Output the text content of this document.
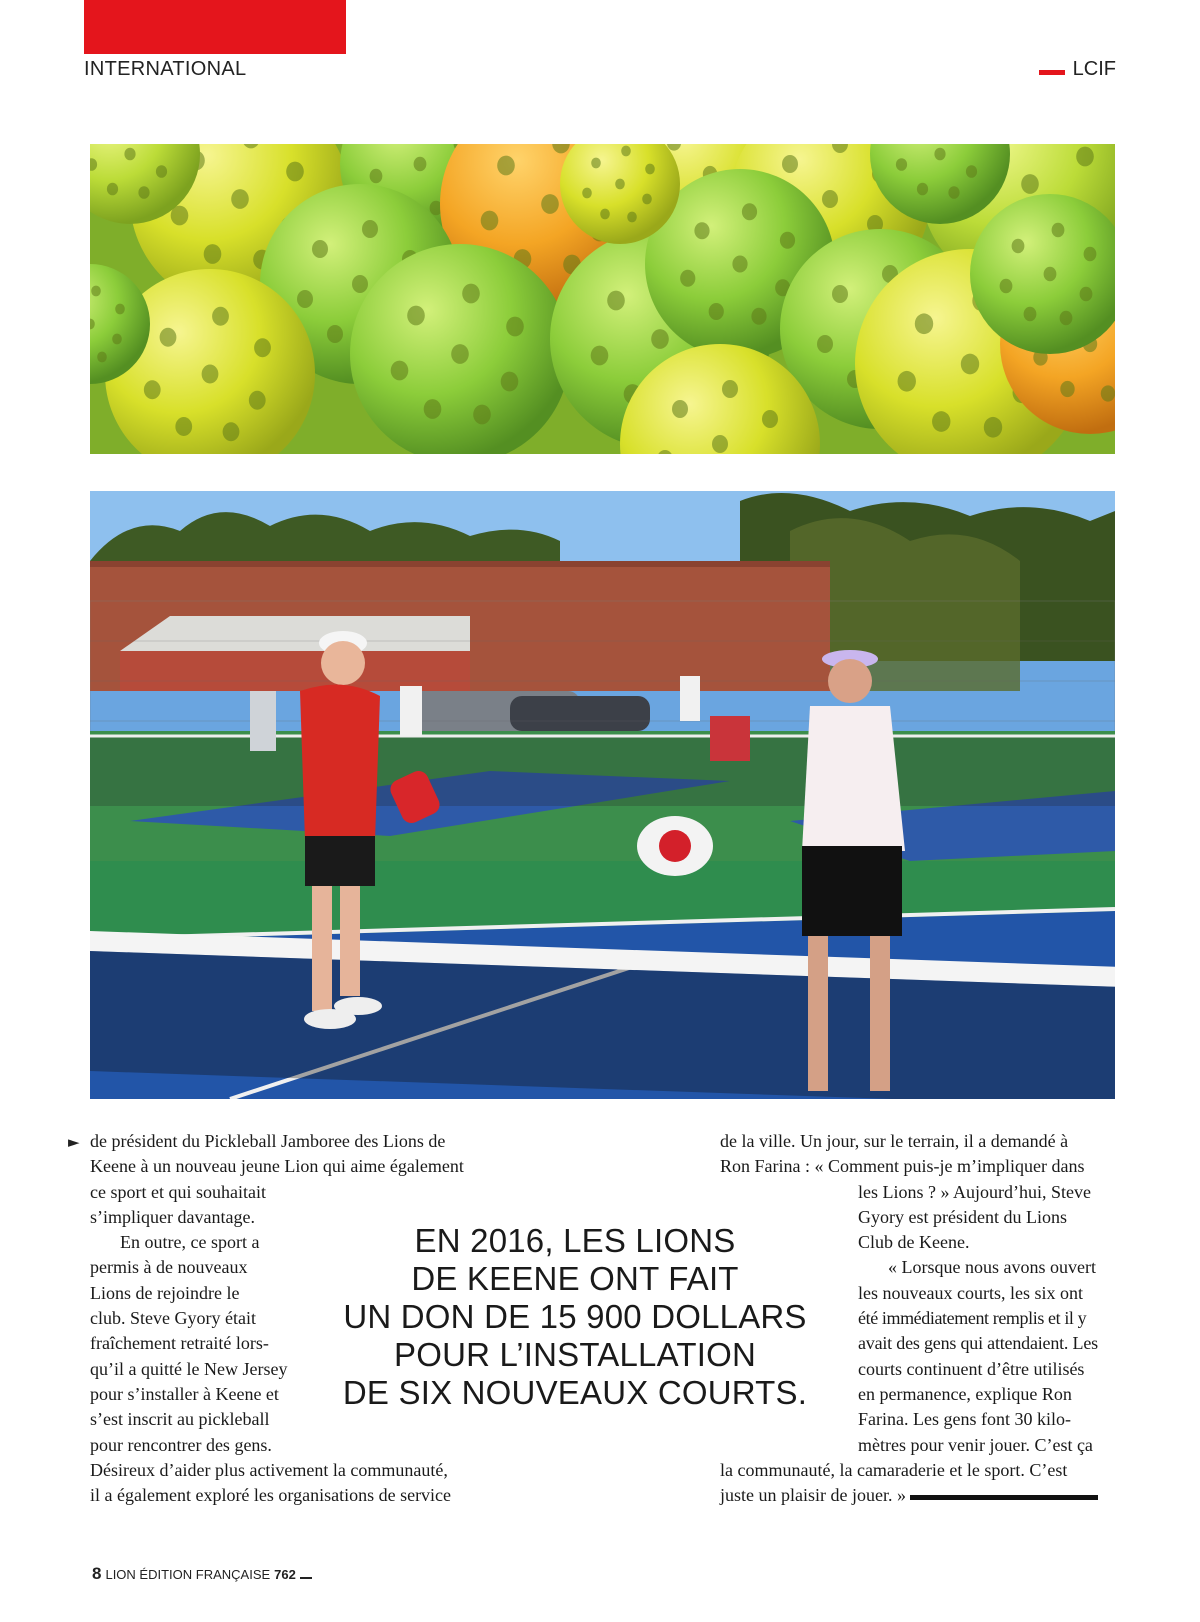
INTERNATIONAL	LCIF
► de président du Pickleball Jamboree des Lions de

Keene à un nouveau jeune Lion qui aime également

ce sport et qui souhaitait

s’impliquer davantage.

En outre, ce sport a

permis à de nouveaux

Lions de rejoindre le

club. Steve Gyory était

fraîchement retraité lors-

qu’il a quitté le New Jersey

pour s’installer à Keene et

s’est inscrit au pickleball

pour rencontrer des gens.

Désireux d’aider plus activement la communauté,

il a également exploré les organisations de service

EN 2016, LES LIONS
DE KEENE ONT FAIT
UN DON DE 15 900 DOLLARS
POUR L’INSTALLATION
DE SIX NOUVEAUX COURTS.

de la ville. Un jour, sur le terrain, il a demandé à

Ron Farina : « Comment puis-je m’impliquer dans

les Lions ? » Aujourd’hui, Steve

Gyory est président du Lions

Club de Keene.

« Lorsque nous avons ouvert

les nouveaux courts, les six ont

été immédiatement remplis et il y

avait des gens qui attendaient. Les

courts continuent d’être utilisés

en permanence, explique Ron

Farina. Les gens font 30 kilo-

mètres pour venir jouer. C’est ça

la communauté, la camaraderie et le sport. C’est

juste un plaisir de jouer. »

8 LION ÉDITION FRANÇAISE 762
